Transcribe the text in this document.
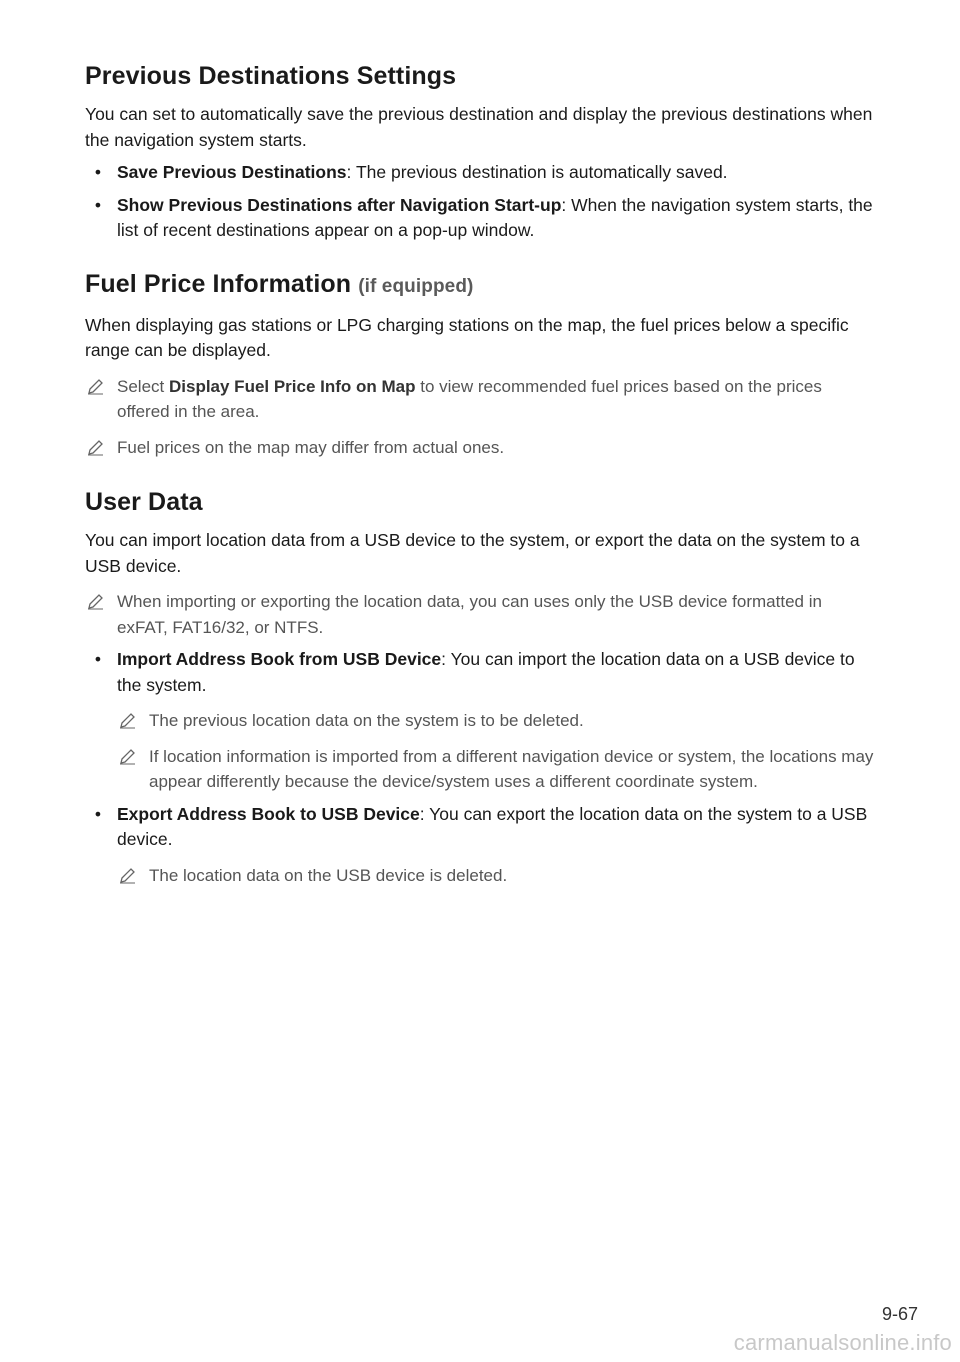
Previous Destinations Settings

You can set to automatically save the previous destination and display the previous destinations when the navigation system starts.

• Save Previous Destinations: The previous destination is automatically saved.
• Show Previous Destinations after Navigation Start-up: When the navigation system starts, the list of recent destinations appear on a pop-up window.
Fuel Price Information (if equipped)

When displaying gas stations or LPG charging stations on the map, the fuel prices below a specific range can be displayed.

Select Display Fuel Price Info on Map to view recommended fuel prices based on the prices offered in the area.
Fuel prices on the map may differ from actual ones.
User Data

You can import location data from a USB device to the system, or export the data on the system to a USB device.

When importing or exporting the location data, you can uses only the USB device formatted in exFAT, FAT16/32, or NTFS.
• Import Address Book from USB Device: You can import the location data on a USB device to the system.
The previous location data on the system is to be deleted.
If location information is imported from a different navigation device or system, the locations may appear differently because the device/system uses a different coordinate system.
• Export Address Book to USB Device: You can export the location data on the system to a USB device.
The location data on the USB device is deleted.
9-67
carmanualsonline.info
